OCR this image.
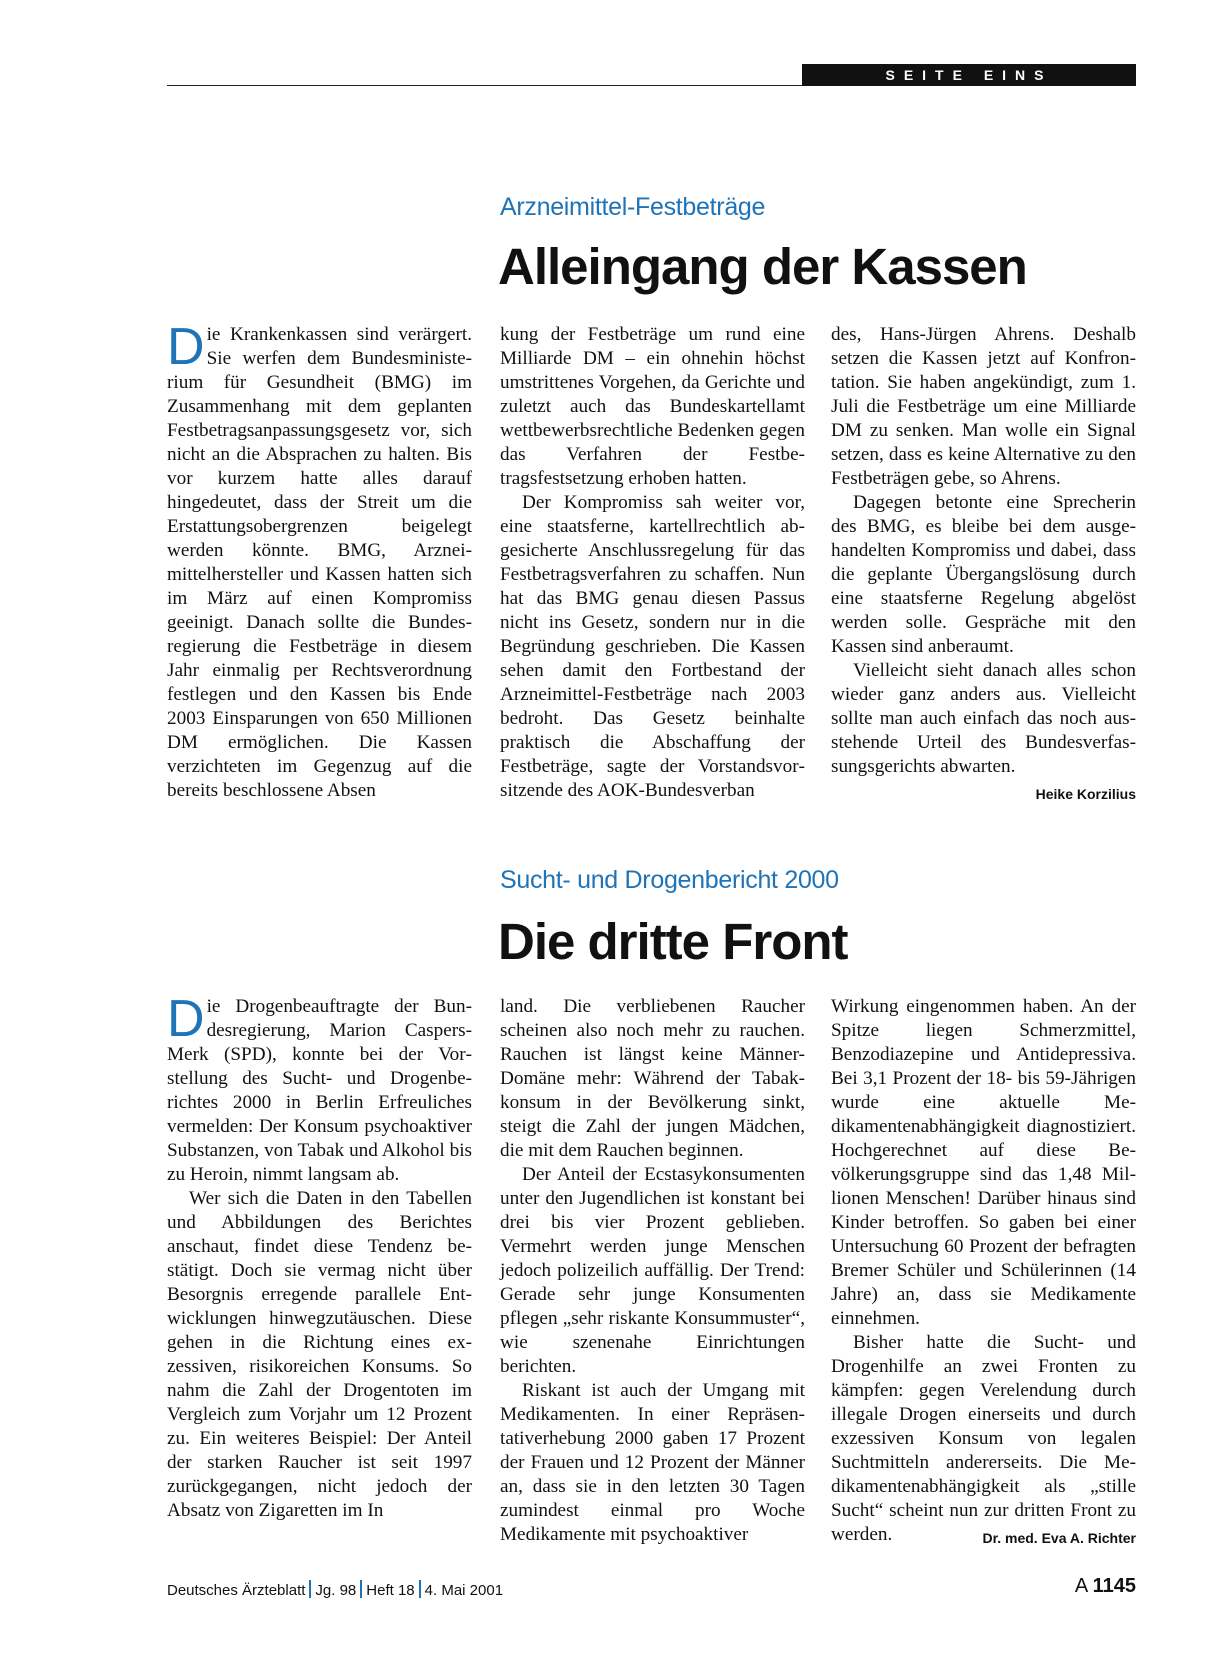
SEITE EINS
Arzneimittel-Festbeträge
Alleingang der Kassen

Die Krankenkassen sind verärgert. Sie werfen dem Bundesministerium für Gesundheit (BMG) im Zusammenhang mit dem geplanten Festbetragsanpassungsgesetz vor, sich nicht an die Absprachen zu halten. Bis vor kurzem hatte alles darauf hingedeutet, dass der Streit um die Erstattungsobergrenzen beigelegt werden könnte. BMG, Arzneimittelhersteller und Kassen hatten sich im März auf einen Kompromiss geeinigt. Danach sollte die Bundesregierung die Festbeträge in diesem Jahr einmalig per Rechtsverordnung festlegen und den Kassen bis Ende 2003 Einsparungen von 650 Millionen DM ermöglichen. Die Kassen verzichteten im Gegenzug auf die bereits beschlossene Absen

kung der Festbeträge um rund eine Milliarde DM – ein ohnehin höchst umstrittenes Vorgehen, da Gerichte und zuletzt auch das Bundeskartellamt wettbewerbsrechtliche Bedenken gegen das Verfahren der Festbetragsfestsetzung erhoben hatten.

Der Kompromiss sah weiter vor, eine staatsferne, kartellrechtlich abgesicherte Anschlussregelung für das Festbetragsverfahren zu schaffen. Nun hat das BMG genau diesen Passus nicht ins Gesetz, sondern nur in die Begründung geschrieben. Die Kassen sehen damit den Fortbestand der Arzneimittel-Festbeträge nach 2003 bedroht. Das Gesetz beinhalte praktisch die Abschaffung der Festbeträge, sagte der Vorstandsvorsitzende des AOK-Bundesverban

des, Hans-Jürgen Ahrens. Deshalb setzen die Kassen jetzt auf Konfrontation. Sie haben angekündigt, zum 1. Juli die Festbeträge um eine Milliarde DM zu senken. Man wolle ein Signal setzen, dass es keine Alternative zu den Festbeträgen gebe, so Ahrens.

Dagegen betonte eine Sprecherin des BMG, es bleibe bei dem ausgehandelten Kompromiss und dabei, dass die geplante Übergangslösung durch eine staatsferne Regelung abgelöst werden solle. Gespräche mit den Kassen sind anberaumt.

Vielleicht sieht danach alles schon wieder ganz anders aus. Vielleicht sollte man auch einfach das noch ausstehende Urteil des Bundesverfassungsgerichts abwarten.
Heike Korzilius

Sucht- und Drogenbericht 2000
Die dritte Front

Die Drogenbeauftragte der Bundesregierung, Marion Caspers-Merk (SPD), konnte bei der Vorstellung des Sucht- und Drogenberichtes 2000 in Berlin Erfreuliches vermelden: Der Konsum psychoaktiver Substanzen, von Tabak und Alkohol bis zu Heroin, nimmt langsam ab.

Wer sich die Daten in den Tabellen und Abbildungen des Berichtes anschaut, findet diese Tendenz bestätigt. Doch sie vermag nicht über Besorgnis erregende parallele Entwicklungen hinwegzutäuschen. Diese gehen in die Richtung eines exzessiven, risikoreichen Konsums. So nahm die Zahl der Drogentoten im Vergleich zum Vorjahr um 12 Prozent zu. Ein weiteres Beispiel: Der Anteil der starken Raucher ist seit 1997 zurückgegangen, nicht jedoch der Absatz von Zigaretten im In

land. Die verbliebenen Raucher scheinen also noch mehr zu rauchen. Rauchen ist längst keine Männer-Domäne mehr: Während der Tabakkonsum in der Bevölkerung sinkt, steigt die Zahl der jungen Mädchen, die mit dem Rauchen beginnen.

Der Anteil der Ecstasykonsumenten unter den Jugendlichen ist konstant bei drei bis vier Prozent geblieben. Vermehrt werden junge Menschen jedoch polizeilich auffällig. Der Trend: Gerade sehr junge Konsumenten pflegen „sehr riskante Konsummuster“, wie szenenahe Einrichtungen berichten.

Riskant ist auch der Umgang mit Medikamenten. In einer Repräsentativerhebung 2000 gaben 17 Prozent der Frauen und 12 Prozent der Männer an, dass sie in den letzten 30 Tagen zumindest einmal pro Woche Medikamente mit psychoaktiver

Wirkung eingenommen haben. An der Spitze liegen Schmerzmittel, Benzodiazepine und Antidepressiva. Bei 3,1 Prozent der 18- bis 59-Jährigen wurde eine aktuelle Medikamentenabhängigkeit diagnostiziert. Hochgerechnet auf diese Bevölkerungsgruppe sind das 1,48 Millionen Menschen! Darüber hinaus sind Kinder betroffen. So gaben bei einer Untersuchung 60 Prozent der befragten Bremer Schüler und Schülerinnen (14 Jahre) an, dass sie Medikamente einnehmen.

Bisher hatte die Sucht- und Drogenhilfe an zwei Fronten zu kämpfen: gegen Verelendung durch illegale Drogen einerseits und durch exzessiven Konsum von legalen Suchtmitteln andererseits. Die Medikamentenabhängigkeit als „stille Sucht“ scheint nun zur dritten Front zu werden.	Dr. med. Eva A. Richter

Deutsches Ärzteblatt Jg. 98 Heft 18 4. Mai 2001	A 1145
